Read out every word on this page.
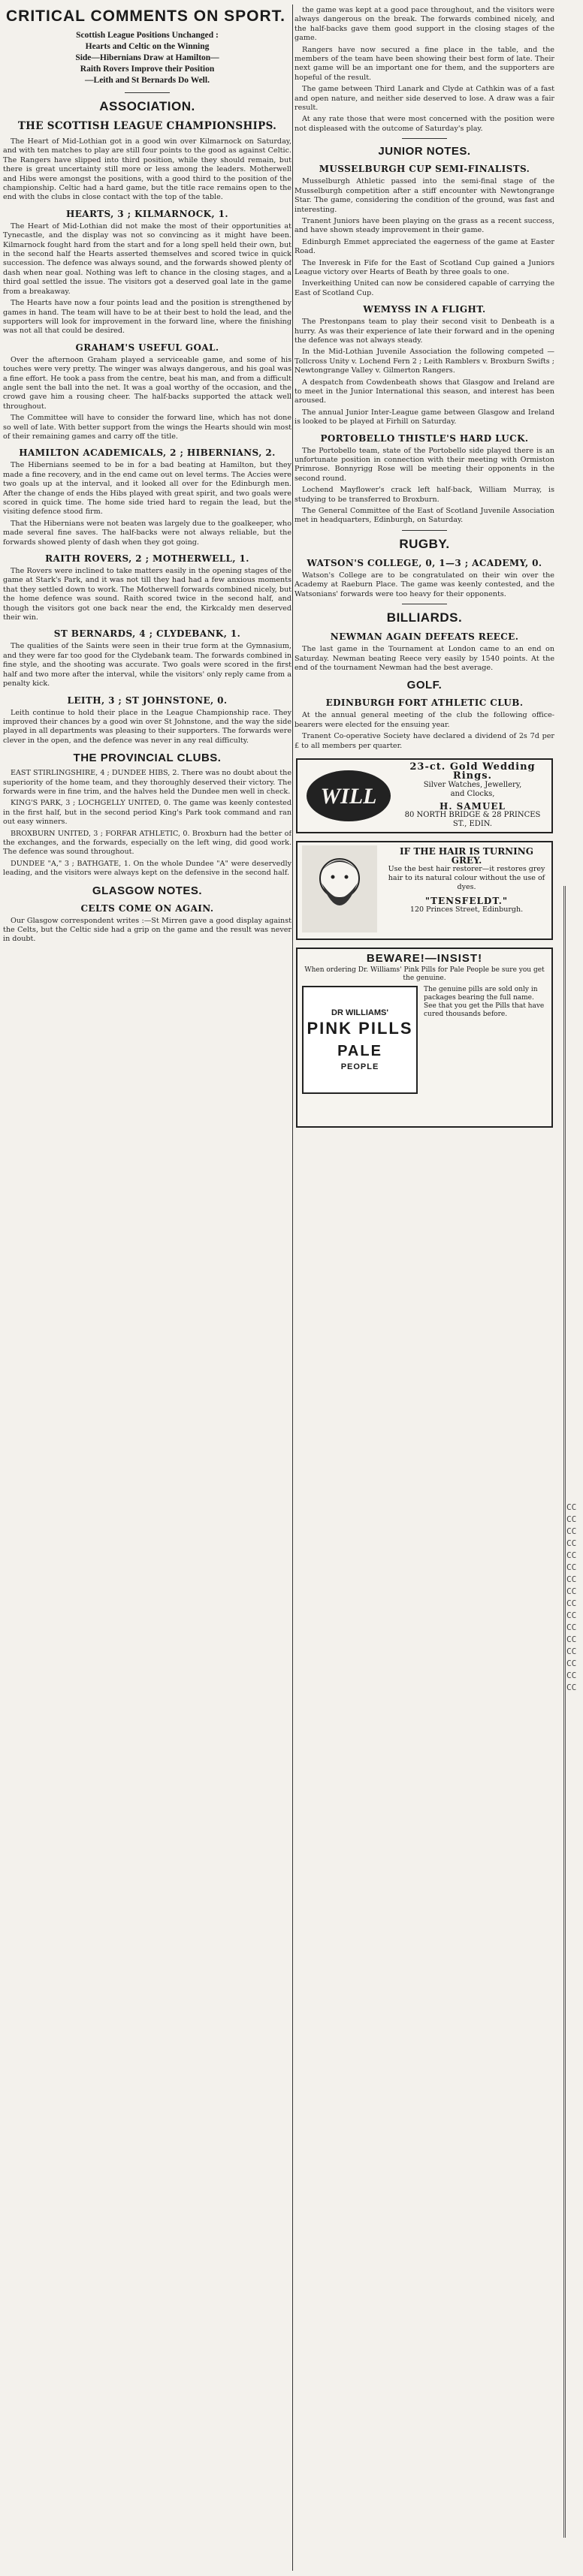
CRITICAL COMMENTS ON SPORT.
Scottish League Positions Unchanged :
Hearts and Celtic on the Winning
Side—Hibernians Draw at Hamilton—
Raith Rovers Improve their Position
—Leith and St Bernards Do Well.
ASSOCIATION.
THE SCOTTISH LEAGUE CHAMPIONSHIPS.

The Heart of Mid-Lothian got in a good win over Kilmarnock on Saturday, and with ten matches to play are still four points to the good as against Celtic. The Rangers have slipped into third position, while they should remain, but there is great uncertainty still more or less among the leaders. Motherwell and Hibs were amongst the positions, with a good third to the position of the championship. Celtic had a hard game, but the title race remains open to the end with the clubs in close contact with the top of the table.

HEARTS, 3 ; KILMARNOCK, 1.

The Heart of Mid-Lothian did not make the most of their opportunities at Tynecastle, and the display was not so convincing as it might have been. Kilmarnock fought hard from the start and for a long spell held their own, but in the second half the Hearts asserted themselves and scored twice in quick succession. The defence was always sound, and the forwards showed plenty of dash when near goal. Nothing was left to chance in the closing stages, and a third goal settled the issue. The visitors got a deserved goal late in the game from a breakaway.

The Hearts have now a four points lead and the position is strengthened by games in hand. The team will have to be at their best to hold the lead, and the supporters will look for improvement in the forward line, where the finishing was not all that could be desired.

GRAHAM'S USEFUL GOAL.

Over the afternoon Graham played a serviceable game, and some of his touches were very pretty. The winger was always dangerous, and his goal was a fine effort. He took a pass from the centre, beat his man, and from a difficult angle sent the ball into the net. It was a goal worthy of the occasion, and the crowd gave him a rousing cheer. The half-backs supported the attack well throughout.

The Committee will have to consider the forward line, which has not done so well of late. With better support from the wings the Hearts should win most of their remaining games and carry off the title.

HAMILTON ACADEMICALS, 2 ; HIBERNIANS, 2.

The Hibernians seemed to be in for a bad beating at Hamilton, but they made a fine recovery, and in the end came out on level terms. The Accies were two goals up at the interval, and it looked all over for the Edinburgh men. After the change of ends the Hibs played with great spirit, and two goals were scored in quick time. The home side tried hard to regain the lead, but the visiting defence stood firm.

That the Hibernians were not beaten was largely due to the goalkeeper, who made several fine saves. The half-backs were not always reliable, but the forwards showed plenty of dash when they got going.

RAITH ROVERS, 2 ; MOTHERWELL, 1.

The Rovers were inclined to take matters easily in the opening stages of the game at Stark's Park, and it was not till they had had a few anxious moments that they settled down to work. The Motherwell forwards combined nicely, but the home defence was sound. Raith scored twice in the second half, and though the visitors got one back near the end, the Kirkcaldy men deserved their win.

ST BERNARDS, 4 ; CLYDEBANK, 1.

The qualities of the Saints were seen in their true form at the Gymnasium, and they were far too good for the Clydebank team. The forwards combined in fine style, and the shooting was accurate. Two goals were scored in the first half and two more after the interval, while the visitors' only reply came from a penalty kick.

LEITH, 3 ; ST JOHNSTONE, 0.

Leith continue to hold their place in the League Championship race. They improved their chances by a good win over St Johnstone, and the way the side played in all departments was pleasing to their supporters. The forwards were clever in the open, and the defence was never in any real difficulty.

THE PROVINCIAL CLUBS.

EAST STIRLINGSHIRE, 4 ; DUNDEE HIBS, 2. There was no doubt about the superiority of the home team, and they thoroughly deserved their victory. The forwards were in fine trim, and the halves held the Dundee men well in check.

KING'S PARK, 3 ; LOCHGELLY UNITED, 0. The game was keenly contested in the first half, but in the second period King's Park took command and ran out easy winners.

BROXBURN UNITED, 3 ; FORFAR ATHLETIC, 0. Broxburn had the better of the exchanges, and the forwards, especially on the left wing, did good work. The defence was sound throughout.

DUNDEE "A," 3 ; BATHGATE, 1. On the whole Dundee "A" were deservedly leading, and the visitors were always kept on the defensive in the second half.

GLASGOW NOTES.
CELTS COME ON AGAIN.

Our Glasgow correspondent writes :—St Mirren gave a good display against the Celts, but the Celtic side had a grip on the game and the result was never in doubt.

the game was kept at a good pace throughout, and the visitors were always dangerous on the break. The forwards combined nicely, and the half-backs gave them good support in the closing stages of the game.

Rangers have now secured a fine place in the table, and the members of the team have been showing their best form of late. Their next game will be an important one for them, and the supporters are hopeful of the result.

The game between Third Lanark and Clyde at Cathkin was of a fast and open nature, and neither side deserved to lose. A draw was a fair result.

At any rate those that were most concerned with the position were not displeased with the outcome of Saturday's play.

JUNIOR NOTES.
MUSSELBURGH CUP SEMI-FINALISTS.

Musselburgh Athletic passed into the semi-final stage of the Musselburgh competition after a stiff encounter with Newtongrange Star. The game, considering the condition of the ground, was fast and interesting.

Tranent Juniors have been playing on the grass as a recent success, and have shown steady improvement in their game.

Edinburgh Emmet appreciated the eagerness of the game at Easter Road.

The Inveresk in Fife for the East of Scotland Cup gained a Juniors League victory over Hearts of Beath by three goals to one.

Inverkeithing United can now be considered capable of carrying the East of Scotland Cup.

WEMYSS IN A FLIGHT.

The Prestonpans team to play their second visit to Denbeath is a hurry. As was their experience of late their forward and in the opening the defence was not always steady.

In the Mid-Lothian Juvenile Association the following competed — Tollcross Unity v. Lochend Fern 2 ; Leith Ramblers v. Broxburn Swifts ; Newtongrange Valley v. Gilmerton Rangers.

A despatch from Cowdenbeath shows that Glasgow and Ireland are to meet in the Junior International this season, and interest has been aroused.

The annual Junior Inter-League game between Glasgow and Ireland is looked to be played at Firhill on Saturday.

PORTOBELLO THISTLE'S HARD LUCK.

The Portobello team, state of the Portobello side played there is an unfortunate position in connection with their meeting with Ormiston Primrose. Bonnyrigg Rose will be meeting their opponents in the second round.

Lochend Mayflower's crack left half-back, William Murray, is studying to be transferred to Broxburn.

The General Committee of the East of Scotland Juvenile Association met in headquarters, Edinburgh, on Saturday.

RUGBY.
WATSON'S COLLEGE, 0, 1—3 ; ACADEMY, 0.

Watson's College are to be congratulated on their win over the Academy at Raeburn Place. The game was keenly contested, and the Watsonians' forwards were too heavy for their opponents.

BILLIARDS.
NEWMAN AGAIN DEFEATS REECE.

The last game in the Tournament at London came to an end on Saturday. Newman beating Reece very easily by 1540 points. At the end of the tournament Newman had the best average.

GOLF.
EDINBURGH FORT ATHLETIC CLUB.

At the annual general meeting of the club the following office-bearers were elected for the ensuing year.

Tranent Co-operative Society have declared a dividend of 2s 7d per £ to all members per quarter.

WILL
23-ct. Gold Wedding Rings.
Silver Watches, Jewellery,
and Clocks,
H. SAMUEL
80 NORTH BRIDGE & 28 PRINCES ST., EDIN.
IF THE HAIR IS TURNING GREY.
Use the best hair restorer—it restores grey hair to its natural colour without the use of dyes.
"TENSFELDT."
120 Princes Street, Edinburgh.
BEWARE!—INSIST!
When ordering Dr. Williams' Pink Pills for Pale People be sure you get the genuine.
DR WILLIAMS'
PINK PILLS
PALE
PEOPLE
The genuine pills are sold only in packages bearing the full name. See that you get the Pills that have cured thousands before.
CCCCCCCCCCCCCCCCCCCCCCCCCCCCCCCC
